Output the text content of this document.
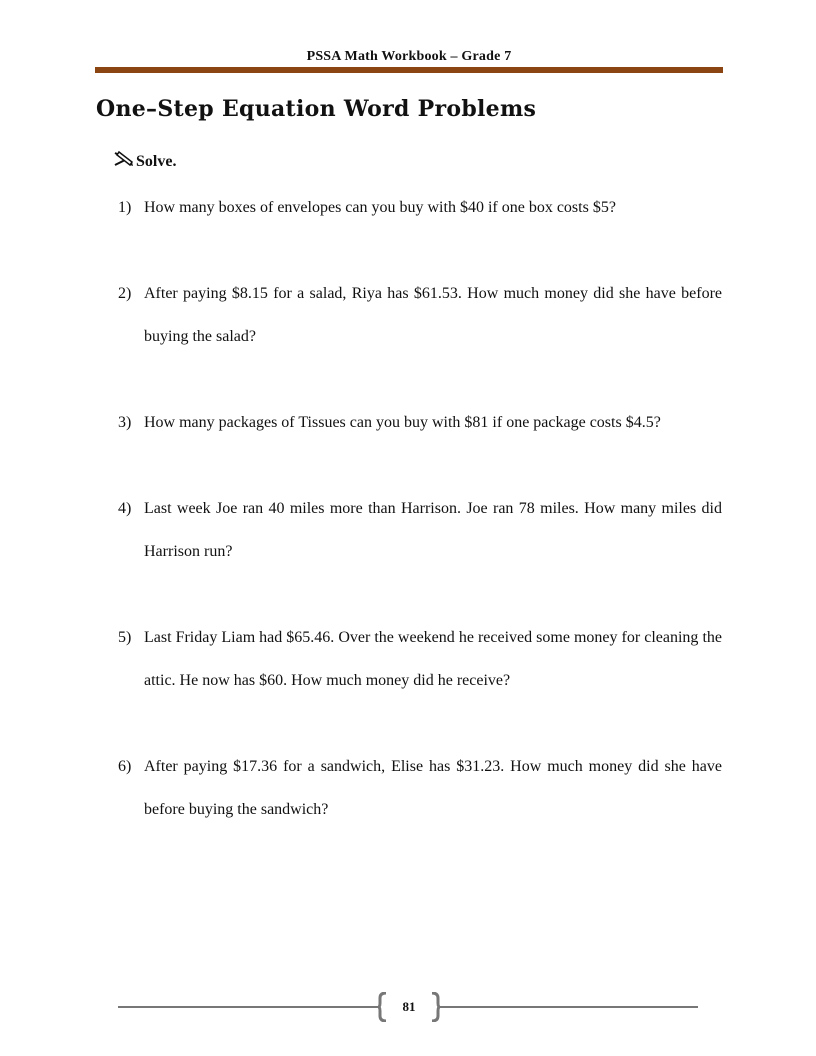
PSSA Math Workbook – Grade 7
One–Step Equation Word Problems
Solve.
1) How many boxes of envelopes can you buy with $40 if one box costs $5?
2) After paying $8.15 for a salad, Riya has $61.53. How much money did she have before buying the salad?
3) How many packages of Tissues can you buy with $81 if one package costs $4.5?
4) Last week Joe ran 40 miles more than Harrison. Joe ran 78 miles. How many miles did Harrison run?
5) Last Friday Liam had $65.46. Over the weekend he received some money for cleaning the attic. He now has $60. How much money did he receive?
6) After paying $17.36 for a sandwich, Elise has $31.23. How much money did she have before buying the sandwich?
81
